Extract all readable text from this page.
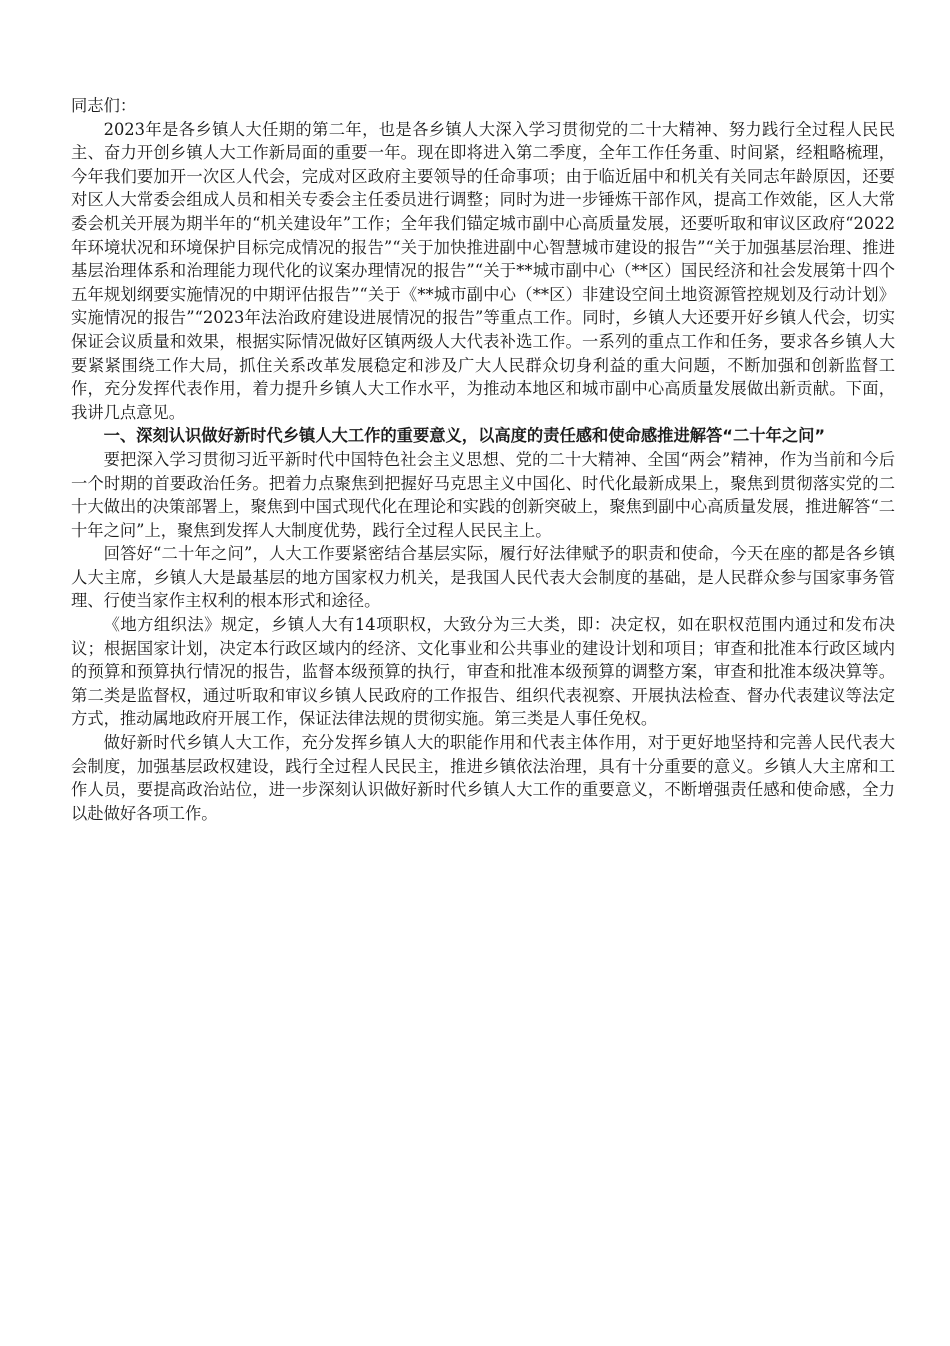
同志们：

2023年是各乡镇人大任期的第二年，也是各乡镇人大深入学习贯彻党的二十大精神、努力践行全过程人民民主、奋力开创乡镇人大工作新局面的重要一年。现在即将进入第二季度，全年工作任务重、时间紧，经粗略梳理，今年我们要加开一次区人代会，完成对区政府主要领导的任命事项；由于临近届中和机关有关同志年龄原因，还要对区人大常委会组成人员和相关专委会主任委员进行调整；同时为进一步锤炼干部作风，提高工作效能，区人大常委会机关开展为期半年的“机关建设年”工作；全年我们锚定城市副中心高质量发展，还要听取和审议区政府“2022年环境状况和环境保护目标完成情况的报告”“关于加快推进副中心智慧城市建设的报告”“关于加强基层治理、推进基层治理体系和治理能力现代化的议案办理情况的报告”“关于**城市副中心（**区）国民经济和社会发展第十四个五年规划纲要实施情况的中期评估报告”“关于《**城市副中心（**区）非建设空间土地资源管控规划及行动计划》实施情况的报告”“2023年法治政府建设进展情况的报告”等重点工作。同时，乡镇人大还要开好乡镇人代会，切实保证会议质量和效果，根据实际情况做好区镇两级人大代表补选工作。一系列的重点工作和任务，要求各乡镇人大要紧紧围绕工作大局，抓住关系改革发展稳定和涉及广大人民群众切身利益的重大问题，不断加强和创新监督工作，充分发挥代表作用，着力提升乡镇人大工作水平，为推动本地区和城市副中心高质量发展做出新贡献。下面，我讲几点意见。

一、深刻认识做好新时代乡镇人大工作的重要意义，以高度的责任感和使命感推进解答“二十年之问”

要把深入学习贯彻习近平新时代中国特色社会主义思想、党的二十大精神、全国“两会”精神，作为当前和今后一个时期的首要政治任务。把着力点聚焦到把握好马克思主义中国化、时代化最新成果上，聚焦到贯彻落实党的二十大做出的决策部署上，聚焦到中国式现代化在理论和实践的创新突破上，聚焦到副中心高质量发展，推进解答“二十年之问”上，聚焦到发挥人大制度优势，践行全过程人民民主上。

回答好“二十年之问”，人大工作要紧密结合基层实际，履行好法律赋予的职责和使命，今天在座的都是各乡镇人大主席，乡镇人大是最基层的地方国家权力机关，是我国人民代表大会制度的基础，是人民群众参与国家事务管理、行使当家作主权利的根本形式和途径。

《地方组织法》规定，乡镇人大有14项职权，大致分为三大类，即：决定权，如在职权范围内通过和发布决议；根据国家计划，决定本行政区域内的经济、文化事业和公共事业的建设计划和项目；审查和批准本行政区域内的预算和预算执行情况的报告，监督本级预算的执行，审查和批准本级预算的调整方案，审查和批准本级决算等。第二类是监督权，通过听取和审议乡镇人民政府的工作报告、组织代表视察、开展执法检查、督办代表建议等法定方式，推动属地政府开展工作，保证法律法规的贯彻实施。第三类是人事任免权。

做好新时代乡镇人大工作，充分发挥乡镇人大的职能作用和代表主体作用，对于更好地坚持和完善人民代表大会制度，加强基层政权建设，践行全过程人民民主，推进乡镇依法治理，具有十分重要的意义。乡镇人大主席和工作人员，要提高政治站位，进一步深刻认识做好新时代乡镇人大工作的重要意义，不断增强责任感和使命感，全力以赴做好各项工作。
